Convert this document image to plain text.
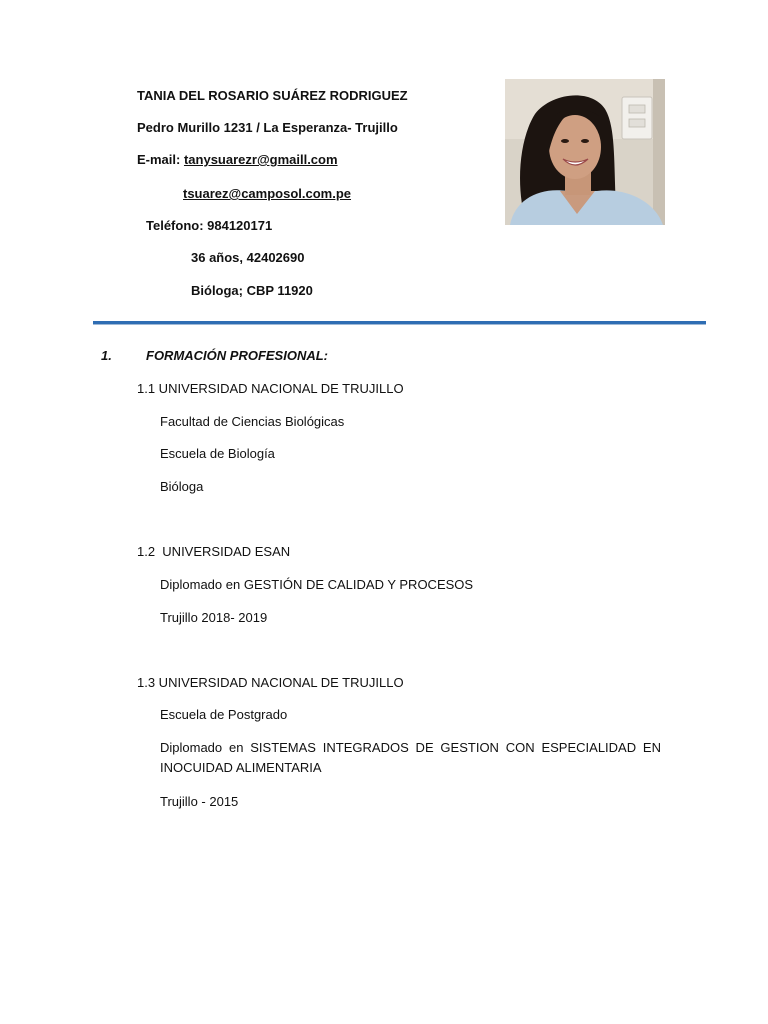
TANIA DEL ROSARIO SUÁREZ RODRIGUEZ
Pedro Murillo 1231 / La Esperanza- Trujillo
E-mail: tanysuarezr@gmaill.com
tsuarez@camposol.com.pe
Teléfono: 984120171
36 años, 42402690
Bióloga; CBP 11920
1.	FORMACIÓN PROFESIONAL:
1.1 UNIVERSIDAD NACIONAL DE TRUJILLO
Facultad de Ciencias Biológicas
Escuela de Biología
Bióloga
1.2  UNIVERSIDAD ESAN
Diplomado en GESTIÓN DE CALIDAD Y PROCESOS
Trujillo 2018- 2019
1.3 UNIVERSIDAD NACIONAL DE TRUJILLO
Escuela de Postgrado
Diplomado en SISTEMAS INTEGRADOS DE GESTION CON ESPECIALIDAD EN INOCUIDAD ALIMENTARIA
Trujillo - 2015
